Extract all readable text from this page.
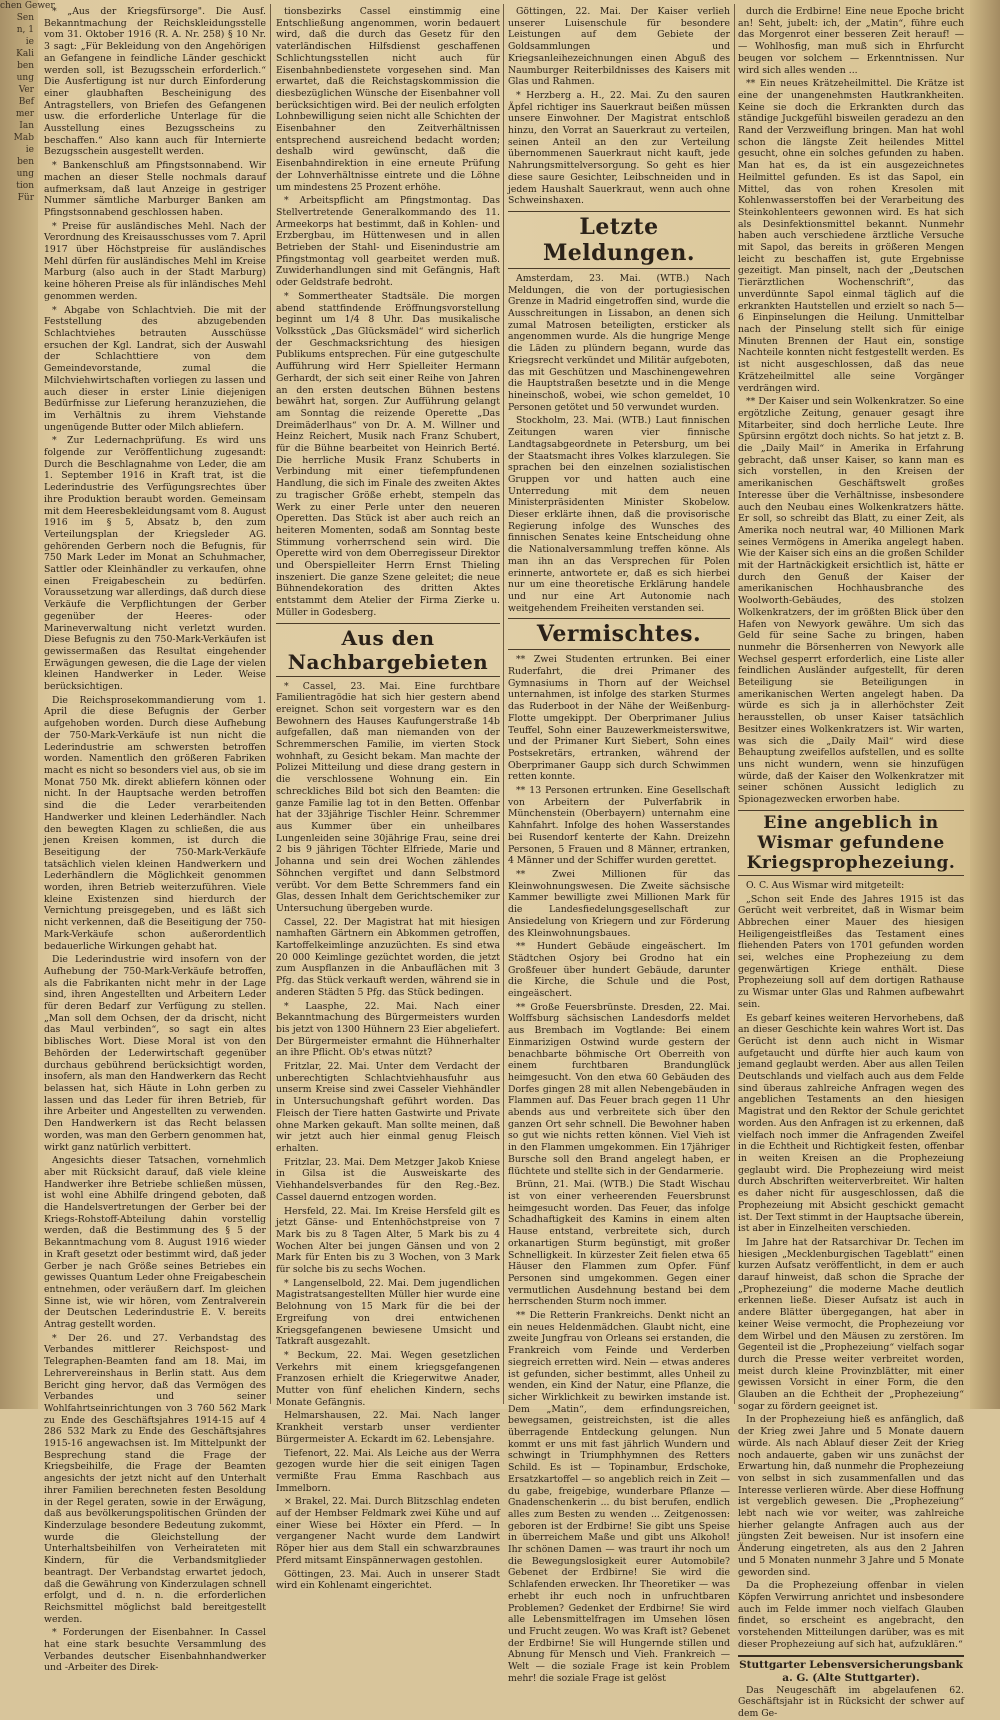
chen Gewer
Sen
n, 1
ie
Kali
ben
ung
Ver
Bef
mer
Ian
Mab
ie
ben
ung
tion
Für

* „Aus der Kriegsfürsorge". Die Ausf. Bekanntmachung der Reichskleidungsstelle vom 31. Oktober 1916 (R. A. Nr. 258) § 10 Nr. 3 sagt: „Für Bekleidung von den Angehörigen an Gefangene in feindliche Länder geschickt werden soll, ist Bezugsschein erforderlich.“ Die Ausfertigung ist nur durch Einforderung einer glaubhaften Bescheinigung des Antragstellers, von Briefen des Gefangenen usw. die erforderliche Unterlage für die Ausstellung eines Bezugsscheins zu beschaffen.“ Also kann auch für Internierte Bezugsschein ausgestellt werden.

* Bankenschluß am Pfingstsonnabend. Wir machen an dieser Stelle nochmals darauf aufmerksam, daß laut Anzeige in gestriger Nummer sämtliche Marburger Banken am Pfingstsonnabend geschlossen haben.

* Preise für ausländisches Mehl. Nach der Verordnung des Kreisausschusses vom 7. April 1917 über Höchstpreise für ausländisches Mehl dürfen für ausländisches Mehl im Kreise Marburg (also auch in der Stadt Marburg) keine höheren Preise als für inländisches Mehl genommen werden.

* Abgabe von Schlachtvieh. Die mit der Feststellung des abzugebenden Schlachtviehes betrauten Ausschüsse ersuchen der Kgl. Landrat, sich der Auswahl der Schlachttiere von dem Gemeindevorstande, zumal die Milchviehwirtschaften vorliegen zu lassen und auch dieser in erster Linie diejenigen Bedürfnisse zur Lieferung heranzuziehen, die im Verhältnis zu ihrem Viehstande ungenügende Butter oder Milch abliefern.

* Zur Ledernachprüfung. Es wird uns folgende zur Veröffentlichung zugesandt: Durch die Beschlagnahme von Leder, die am 1. September 1916 in Kraft trat, ist die Lederindustrie des Verfügungsrechtes über ihre Produktion beraubt worden. Gemeinsam mit dem Heeresbekleidungsamt vom 8. August 1916 im § 5, Absatz b, den zum Verteilungsplan der Kriegsleder AG. gehörenden Gerbern noch die Befugnis, für 750 Mark Leder im Monat an Schuhmacher, Sattler oder Kleinhändler zu verkaufen, ohne einen Freigabeschein zu bedürfen. Voraussetzung war allerdings, daß durch diese Verkäufe die Verpflichtungen der Gerber gegenüber der Heeres- oder Marineverwaltung nicht verletzt wurden. Diese Befugnis zu den 750-Mark-Verkäufen ist gewissermaßen das Resultat eingehender Erwägungen gewesen, die die Lage der vielen kleinen Handwerker in Leder. Weise berücksichtigen.

Die Reichsprosekommandierung vom 1. April die diese Befugnis der Gerber aufgehoben worden. Durch diese Aufhebung der 750-Mark-Verkäufe ist nun nicht die Lederindustrie am schwersten betroffen worden. Namentlich den größeren Fabriken macht es nicht so besonders viel aus, ob sie im Monat 750 Mk. direkt abliefern können oder nicht. In der Hauptsache werden betroffen sind die die Leder verarbeitenden Handwerker und kleinen Lederhändler. Nach den bewegten Klagen zu schließen, die aus jenen Kreisen kommen, ist durch die Beseitigung der 750-Mark-Verkäufe tatsächlich vielen kleinen Handwerkern und Lederhändlern die Möglichkeit genommen worden, ihren Betrieb weiterzuführen. Viele kleine Existenzen sind hierdurch der Vernichtung preisgegeben, und es läßt sich nicht verkennen, daß die Beseitigung der 750-Mark-Verkäufe schon außerordentlich bedauerliche Wirkungen gehabt hat.

Die Lederindustrie wird insofern von der Aufhebung der 750-Mark-Verkäufe betroffen, als die Fabrikanten nicht mehr in der Lage sind, ihren Angestellten und Arbeitern Leder für deren Bedarf zur Verfügung zu stellen. „Man soll dem Ochsen, der da drischt, nicht das Maul verbinden“, so sagt ein altes biblisches Wort. Diese Moral ist von den Behörden der Lederwirtschaft gegenüber durchaus gebührend berücksichtigt worden, insofern, als man den Handwerkern das Recht belassen hat, sich Häute in Lohn gerben zu lassen und das Leder für ihren Betrieb, für ihre Arbeiter und Angestellten zu verwenden. Den Handwerkern ist das Recht belassen worden, was man den Gerbern genommen hat, wirkt ganz natürlich verbittert.

Angesichts dieser Tatsachen, vornehmlich aber mit Rücksicht darauf, daß viele kleine Handwerker ihre Betriebe schließen müssen, ist wohl eine Abhilfe dringend geboten, daß die Handelsvertretungen der Gerber bei der Kriegs-Rohstoff-Abteilung dahin vorstellig werden, daß die Bestimmung des § 5 der Bekanntmachung vom 8. August 1916 wieder in Kraft gesetzt oder bestimmt wird, daß jeder Gerber je nach Größe seines Betriebes ein gewisses Quantum Leder ohne Freigabeschein entnehmen, oder veräußern darf. Im gleichen Sinne ist, wie wir hören, vom Zentralverein der Deutschen Lederindustrie E. V. bereits Antrag gestellt worden.

* Der 26. und 27. Verbandstag des Verbandes mittlerer Reichspost- und Telegraphen-Beamten fand am 18. Mai, im Lehrervereinshaus in Berlin statt. Aus dem Bericht ging hervor, daß das Vermögen des Verbandes und seiner Wohlfahrtseinrichtungen von 3 760 562 Mark zu Ende des Geschäftsjahres 1914-15 auf 4 286 532 Mark zu Ende des Geschäftsjahres 1915-16 angewachsen ist. Im Mittelpunkt der Besprechung stand die Frage der Kriegsbeihilfe, die Frage der Beamten angesichts der jetzt nicht auf den Unterhalt ihrer Familien berechneten festen Besoldung in der Regel geraten, sowie in der Erwägung, daß aus bevölkerungspolitischen Gründen der Kinderzulage besondere Bedeutung zukommt, wurde die Gleichstellung der Unterhaltsbeihilfen von Verheirateten mit Kindern, für die Verbandsmitglieder beantragt. Der Verbandstag erwartet jedoch, daß die Gewährung von Kinderzulagen schnell erfolgt, und d. n. n. die erforderlichen Reichsmittel möglichst bald bereitgestellt werden.

* Forderungen der Eisenbahner. In Cassel hat eine stark besuchte Versammlung des Verbandes deutscher Eisenbahnhandwerker und -Arbeiter des Direk-

tionsbezirks Cassel einstimmig eine Entschließung angenommen, worin bedauert wird, daß die durch das Gesetz für den vaterländischen Hilfsdienst geschaffenen Schlichtungsstellen nicht auch für Eisenbahnbedienstete vorgesehen sind. Man erwartet, daß die Reichstagskommission die diesbezüglichen Wünsche der Eisenbahner voll berücksichtigen wird. Bei der neulich erfolgten Lohnbewilligung seien nicht alle Schichten der Eisenbahner den Zeitverhältnissen entsprechend ausreichend bedacht worden; deshalb wird gewünscht, daß die Eisenbahndirektion in eine erneute Prüfung der Lohnverhältnisse eintrete und die Löhne um mindestens 25 Prozent erhöhe.

* Arbeitspflicht am Pfingstmontag. Das Stellvertretende Generalkommando des 11. Armeekorps hat bestimmt, daß in Kohlen- und Erzbergbau, im Hüttenwesen und in allen Betrieben der Stahl- und Eisenindustrie am Pfingstmontag voll gearbeitet werden muß. Zuwiderhandlungen sind mit Gefängnis, Haft oder Geldstrafe bedroht.

* Sommertheater Stadtsäle. Die morgen abend stattfindende Eröffnungsvorstellung beginnt um 1/4 8 Uhr. Das musikalische Volksstück „Das Glücksmädel“ wird sicherlich der Geschmacksrichtung des hiesigen Publikums entsprechen. Für eine gutgeschulte Aufführung wird Herr Spielleiter Hermann Gerhardt, der sich seit einer Reihe von Jahren an den ersten deutschen Bühnen bestens bewährt hat, sorgen. Zur Aufführung gelangt am Sonntag die reizende Operette „Das Dreimäderlhaus“ von Dr. A. M. Willner und Heinz Reichert, Musik nach Franz Schubert, für die Bühne bearbeitet von Heinrich Berté. Die herrliche Musik Franz Schuberts in Verbindung mit einer tiefempfundenen Handlung, die sich im Finale des zweiten Aktes zu tragischer Größe erhebt, stempeln das Werk zu einer Perle unter den neueren Operetten. Das Stück ist aber auch reich an heiteren Momenten, sodaß am Sonntag beste Stimmung vorherrschend sein wird. Die Operette wird von dem Oberregisseur Direktor und Oberspielleiter Herrn Ernst Thieling inszeniert. Die ganze Szene geleitet; die neue Bühnendekoration des dritten Aktes entstammt dem Atelier der Firma Zierke u. Müller in Godesberg.

Aus den Nachbargebieten

* Cassel, 23. Mai. Eine furchtbare Familientragödie hat sich hier gestern abend ereignet. Schon seit vorgestern war es den Bewohnern des Hauses Kaufungerstraße 14b aufgefallen, daß man niemanden von der Schremmerschen Familie, im vierten Stock wohnhaft, zu Gesicht bekam. Man machte der Polizei Mitteilung und diese drang gestern in die verschlossene Wohnung ein. Ein schreckliches Bild bot sich den Beamten: die ganze Familie lag tot in den Betten. Offenbar hat der 33jährige Tischler Heinr. Schremmer aus Kummer über ein unheilbares Lungenleiden seine 30jährige Frau, seine drei 2 bis 9 jährigen Töchter Elfriede, Marie und Johanna und sein drei Wochen zählendes Söhnchen vergiftet und dann Selbstmord verübt. Vor dem Bette Schremmers fand ein Glas, dessen Inhalt dem Gerichtschemiker zur Untersuchung übergeben wurde.

Cassel, 22. Der Magistrat hat mit hiesigen namhaften Gärtnern ein Abkommen getroffen, Kartoffelkeimlinge anzuzüchten. Es sind etwa 20 000 Keimlinge gezüchtet worden, die jetzt zum Auspflanzen in die Anbauflächen mit 3 Pfg. das Stück verkauft werden, während sie in anderen Städten 5 Pfg. das Stück bedingen.

* Laasphe, 22. Mai. Nach einer Bekanntmachung des Bürgermeisters wurden bis jetzt von 1300 Hühnern 23 Eier abgeliefert. Der Bürgermeister ermahnt die Hühnerhalter an ihre Pflicht. Ob's etwas nützt?

Fritzlar, 22. Mai. Unter dem Verdacht der unberechtigten Schlachtviehhausfuhr aus unserm Kreise sind zwei Casseler Viehhändler in Untersuchungshaft geführt worden. Das Fleisch der Tiere hatten Gastwirte und Private ohne Marken gekauft. Man sollte meinen, daß wir jetzt auch hier einmal genug Fleisch erhalten.

Fritzlar, 23. Mai. Dem Metzger Jakob Kniese in Gilsa ist die Ausweiskarte des Viehhandelsverbandes für den Reg.-Bez. Cassel dauernd entzogen worden.

Hersfeld, 22. Mai. Im Kreise Hersfeld gilt es jetzt Gänse- und Entenhöchstpreise von 7 Mark bis zu 8 Tagen Alter, 5 Mark bis zu 4 Wochen Alter bei jungen Gänsen und von 2 Mark für Enten bis zu 3 Wochen, von 3 Mark für solche bis zu sechs Wochen.

* Langenselbold, 22. Mai. Dem jugendlichen Magistratsangestellten Müller hier wurde eine Belohnung von 15 Mark für die bei der Ergreifung von drei entwichenen Kriegsgefangenen bewiesene Umsicht und Tatkraft ausgezahlt.

* Beckum, 22. Mai. Wegen gesetzlichen Verkehrs mit einem kriegsgefangenen Franzosen erhielt die Kriegerwitwe Anader, Mutter von fünf ehelichen Kindern, sechs Monate Gefängnis.

Helmarshausen, 22. Mai. Nach langer Krankheit verstarb unser verdienter Bürgermeister A. Eckardt im 62. Lebensjahre.

Tiefenort, 22. Mai. Als Leiche aus der Werra gezogen wurde hier die seit einigen Tagen vermißte Frau Emma Raschbach aus Immelborn.

× Brakel, 22. Mai. Durch Blitzschlag endeten auf der Hembser Feldmark zwei Kühe und auf einer Wiese bei Höxter ein Pferd. — In vergangener Nacht wurde dem Landwirt Röper hier aus dem Stall ein schwarzbraunes Pferd mitsamt Einspännerwagen gestohlen.

Göttingen, 23. Mai. Auch in unserer Stadt wird ein Kohlenamt eingerichtet.

Göttingen, 22. Mai. Der Kaiser verlieh unserer Luisenschule für besondere Leistungen auf dem Gebiete der Goldsammlungen und Kriegsanleihezeichnungen einen Abguß des Naumburger Reiterbildnisses des Kaisers mit Glas und Rahmen.

* Herzberg a. H., 22. Mai. Zu den sauren Äpfel richtiger ins Sauerkraut beißen müssen unsere Einwohner. Der Magistrat entschloß hinzu, den Vorrat an Sauerkraut zu verteilen, seinen Anteil an den zur Verteilung übernommenen Sauerkraut nicht kauft, jede Nahrungsmittelversorgung. So geht es hier diese saure Gesichter, Leibschneiden und in jedem Haushalt Sauerkraut, wenn auch ohne Schweinshaxen.

Letzte Meldungen.

Amsterdam, 23. Mai. (WTB.) Nach Meldungen, die von der portugiesischen Grenze in Madrid eingetroffen sind, wurde die Ausschreitungen in Lissabon, an denen sich zumal Matrosen beteiligten, ersticker als angenommen wurde. Als die hungrige Menge die Läden zu plündern begann, wurde das Kriegsrecht verkündet und Militär aufgeboten, das mit Geschützen und Maschinengewehren die Hauptstraßen besetzte und in die Menge hineinschoß, wobei, wie schon gemeldet, 10 Personen getötet und 50 verwundet wurden.

Stockholm, 23. Mai. (WTB.) Laut finnischen Zeitungen waren vier finnische Landtagsabgeordnete in Petersburg, um bei der Staatsmacht ihres Volkes klarzulegen. Sie sprachen bei den einzelnen sozialistischen Gruppen vor und hatten auch eine Unterredung mit dem neuen Ministerpräsidenten Minister Skobelow. Dieser erklärte ihnen, daß die provisorische Regierung infolge des Wunsches des finnischen Senates keine Entscheidung ohne die Nationalversammlung treffen könne. Als man ihn an das Versprechen für Polen erinnerte, antwortete er, daß es sich hierbei nur um eine theoretische Erklärung handele und nur eine Art Autonomie nach weitgehendem Freiheiten verstanden sei.

Vermischtes.

** Zwei Studenten ertrunken. Bei einer Ruderfahrt, die drei Primaner des Gymnasiums in Thorn auf der Weichsel unternahmen, ist infolge des starken Sturmes das Ruderboot in der Nähe der Weißenburg-Flotte umgekippt. Der Oberprimaner Julius Teuffel, Sohn einer Bauzewerkmeisterswitwe, und der Primaner Kurt Siebert, Sohn eines Postsekretärs, ertranken, während der Oberprimaner Gaupp sich durch Schwimmen retten konnte.

** 13 Personen ertrunken. Eine Gesellschaft von Arbeitern der Pulverfabrik in Münchenstein (Oberbayern) unternahm eine Kahnfahrt. Infolge des hohen Wasserstandes bei Rusendorf kenterte der Kahn. Dreizehn Personen, 5 Frauen und 8 Männer, ertranken, 4 Männer und der Schiffer wurden gerettet.

** Zwei Millionen für das Kleinwohnungswesen. Die Zweite sächsische Kammer bewilligte zwei Millionen Mark für die Landesfiedelungsgesellschaft zur Ansiedelung von Kriegern und zur Förderung des Kleinwohnungsbaues.

** Hundert Gebäude eingeäschert. Im Städtchen Osjory bei Grodno hat ein Großfeuer über hundert Gebäude, darunter die Kirche, die Schule und die Post, eingeäschert.

** Große Feuersbrünste. Dresden, 22. Mai. Wolffsburg sächsischen Landesdorfs meldet aus Brembach im Vogtlande: Bei einem Einmarizigen Ostwind wurde gestern der benachbarte böhmische Ort Oberreith von einem furchtbaren Brandunglück heimgesucht. Von den etwa 60 Gebäuden des Dorfes gingen 28 mit allen Nebengebäuden in Flammen auf. Das Feuer brach gegen 11 Uhr abends aus und verbreitete sich über den ganzen Ort sehr schnell. Die Bewohner haben so gut wie nichts retten können. Viel Vieh ist in den Flammen umgekommen. Ein 17jähriger Bursche soll den Brand angelegt haben, er flüchtete und stellte sich in der Gendarmerie.

Brünn, 21. Mai. (WTB.) Die Stadt Wischau ist von einer verheerenden Feuersbrunst heimgesucht worden. Das Feuer, das infolge Schadhaftigkeit des Kamins in einem alten Hause entstand, verbreitete sich, durch orkanartigen Sturm begünstigt, mit großer Schnelligkeit. In kürzester Zeit fielen etwa 65 Häuser den Flammen zum Opfer. Fünf Personen sind umgekommen. Gegen einer vermutlichen Ausdehnung bestand bei dem herrschenden Sturm noch immer.

** Die Retterin Frankreichs. Denkt nicht an ein neues Heldenmädchen. Glaubt nicht, eine zweite Jungfrau von Orleans sei erstanden, die Frankreich vom Feinde und Verderben siegreich erretten wird. Nein — etwas anderes ist gefunden, sicher bestimmt, alles Unheil zu wenden, ein Kind der Natur, eine Pflanze, die sicher Wirklichkeit zu bewirken imstande ist. Dem „Matin“, dem erfindungsreichen, bewegsamen, geistreichsten, ist die alles überragende Entdeckung gelungen. Nun kommt er uns mit fast jährlich Wundern und schwingt in Triumphhymnen des Retters Schild. Es ist — Topinambur, Erdschoke, Ersatzkartoffel — so angeblich reich in Zeit — du gabe, freigebige, wunderbare Pflanze — Gnadenschenkerin ... du bist berufen, endlich alles zum Besten zu wenden ... Zeitgenossen: geboren ist der Erdbirne! Sie gibt uns Speise in überreichem Maße und gibt uns Alkohol! Ihr schönen Damen — was traurt ihr noch um die Bewegungslosigkeit eurer Automobile? Gebenet der Erdbirne! Sie wird die Schlafenden erwecken. Ihr Theoretiker — was erhebt ihr euch noch in unfruchtbaren Problemen? Gedenket der Erdbirne! Sie wird alle Lebensmittelfragen im Umsehen lösen und Frucht zeugen. Wo was Kraft ist? Gebenet der Erdbirne! Sie will Hungernde stillen und Abnung für Mensch und Vieh. Frankreich — Welt — die soziale Frage ist kein Problem mehr! die soziale Frage ist gelöst

durch die Erdbirne! Eine neue Epoche bricht an! Seht, jubelt: ich, der „Matin“, führe euch das Morgenrot einer besseren Zeit herauf! — — Wohlhosfig, man muß sich in Ehrfurcht beugen vor solchem — Erkenntnissen. Nur wird sich alles wenden ...

** Ein neues Krätzeheilmittel. Die Krätze ist eine der unangenehmsten Hautkrankheiten. Keine sie doch die Erkrankten durch das ständige Juckgefühl bisweilen geradezu an den Rand der Verzweiflung bringen. Man hat wohl schon die längste Zeit heilendes Mittel gesucht, ohne ein solches gefunden zu haben. Man hat es, da ist ein ausgezeichnetes Heilmittel gefunden. Es ist das Sapol, ein Mittel, das von rohen Kresolen mit Kohlenwasserstoffen bei der Verarbeitung des Steinkohlenteers gewonnen wird. Es hat sich als Desinfektionsmittel bekannt. Nunmehr haben auch verschiedene ärztliche Versuche mit Sapol, das bereits in größeren Mengen leicht zu beschaffen ist, gute Ergebnisse gezeitigt. Man pinselt, nach der „Deutschen Tierärztlichen Wochenschrift“, das unverdünnte Sapol einmal täglich auf die erkrankten Hautstellen und erzielt so nach 5—6 Einpinselungen die Heilung. Unmittelbar nach der Pinselung stellt sich für einige Minuten Brennen der Haut ein, sonstige Nachteile konnten nicht festgestellt werden. Es ist nicht ausgeschlossen, daß das neue Krätzeheilmittel alle seine Vorgänger verdrängen wird.

** Der Kaiser und sein Wolkenkratzer. So eine ergötzliche Zeitung, genauer gesagt ihre Mitarbeiter, sind doch herrliche Leute. Ihre Spürsinn ergötzt doch nichts. So hat jetzt z. B. die „Daily Mail“ in Amerika in Erfahrung gebracht, daß unser Kaiser, so kann man es sich vorstellen, in den Kreisen der amerikanischen Geschäftswelt großes Interesse über die Verhältnisse, insbesondere auch den Neubau eines Wolkenkratzers hätte. Er soll, so schreibt das Blatt, zu einer Zeit, als Amerika noch neutral war, 40 Millionen Mark seines Vermögens in Amerika angelegt haben. Wie der Kaiser sich eins an die großen Schilder mit der Hartnäckigkeit ersichtlich ist, hätte er durch den Genuß der Kaiser der amerikanischen Hochhausbranche des Woolworth-Gebäudes, des stolzen Wolkenkratzers, der im größten Blick über den Hafen von Newyork gewähre. Um sich das Geld für seine Sache zu bringen, haben nunmehr die Börsenherren von Newyork alle Wechsel gesperrt erforderlich, eine Liste aller feindlichen Ausländer aufgestellt, für deren Beteiligung sie Beteiligungen in amerikanischen Werten angelegt haben. Da würde es sich ja in allerhöchster Zeit herausstellen, ob unser Kaiser tatsächlich Besitzer eines Wolkenkratzers ist. Wir warten, was sich die „Daily Mail“ wird diese Behauptung zweifellos aufstellen, und es sollte uns nicht wundern, wenn sie hinzufügen würde, daß der Kaiser den Wolkenkratzer mit seiner schönen Aussicht lediglich zu Spionagezwecken erworben habe.

Eine angeblich in Wismar gefundene Kriegsprophezeiung.

O. C. Aus Wismar wird mitgeteilt:

„Schon seit Ende des Jahres 1915 ist das Gerücht weit verbreitet, daß in Wismar beim Abbrechen einer Mauer des hiesigen Heiligengeistfleißes das Testament eines fliehenden Paters von 1701 gefunden worden sei, welches eine Prophezeiung zu dem gegenwärtigen Kriege enthält. Diese Prophezeiung soll auf dem dortigen Rathause zu Wismar unter Glas und Rahmen aufbewahrt sein.

Es gebarf keines weiteren Hervorhebens, daß an dieser Geschichte kein wahres Wort ist. Das Gerücht ist denn auch nicht in Wismar aufgetaucht und dürfte hier auch kaum von jemand geglaubt werden. Aber aus allen Teilen Deutschlands und vielfach auch aus dem Felde sind überaus zahlreiche Anfragen wegen des angeblichen Testaments an den hiesigen Magistrat und den Rektor der Schule gerichtet worden. Aus den Anfragen ist zu erkennen, daß vielfach noch immer die Anfragenden Zweifel in die Echtheit und Richtigkeit festen, offenbar in weiten Kreisen an die Prophezeiung geglaubt wird. Die Prophezeiung wird meist durch Abschriften weiterverbreitet. Wir halten es daher nicht für ausgeschlossen, daß die Prophezeiung mit Absicht geschickt gemacht ist. Der Text stimmt in der Hauptsache überein, ist aber in Einzelheiten verschieden.

Im Jahre hat der Ratsarchivar Dr. Techen im hiesigen „Mecklenburgischen Tageblatt“ einen kurzen Aufsatz veröffentlicht, in dem er auch darauf hinweist, daß schon die Sprache der „Prophezeiung“ die moderne Mache deutlich erkennen ließe. Dieser Aufsatz ist auch in andere Blätter übergegangen, hat aber in keiner Weise vermocht, die Prophezeiung vor dem Wirbel und den Mäusen zu zerstören. Im Gegenteil ist die „Prophezeiung“ vielfach sogar durch die Presse weiter verbreitet worden, meist durch kleine Provinzblätter, mit einer gewissen Vorsicht in einer Form, die den Glauben an die Echtheit der „Prophezeiung“ sogar zu fördern geeignet ist.

In der Prophezeiung hieß es anfänglich, daß der Krieg zwei Jahre und 5 Monate dauern würde. Als nach Ablauf dieser Zeit der Krieg noch andauerte, gaben wir uns zunächst der Erwartung hin, daß nunmehr die Prophezeiung von selbst in sich zusammenfallen und das Interesse verlieren würde. Aber diese Hoffnung ist vergeblich gewesen. Die „Prophezeiung“ lebt nach wie vor weiter, was zahlreiche hierher gelangte Anfragen auch aus der jüngsten Zeit beweisen. Nur ist insofern eine Änderung eingetreten, als aus den 2 Jahren und 5 Monaten nunmehr 3 Jahre und 5 Monate geworden sind.

Da die Prophezeiung offenbar in vielen Köpfen Verwirrung anrichtet und insbesondere auch im Felde immer noch vielfach Glauben findet, so erscheint es angebracht, den vorstehenden Mitteilungen darüber, was es mit dieser Prophezeiung auf sich hat, aufzuklären.“

Stuttgarter Lebensversicherungsbank a. G. (Alte Stuttgarter).

Das Neugeschäft im abgelaufenen 62. Geschäftsjahr ist in Rücksicht der schwer auf dem Ge-
